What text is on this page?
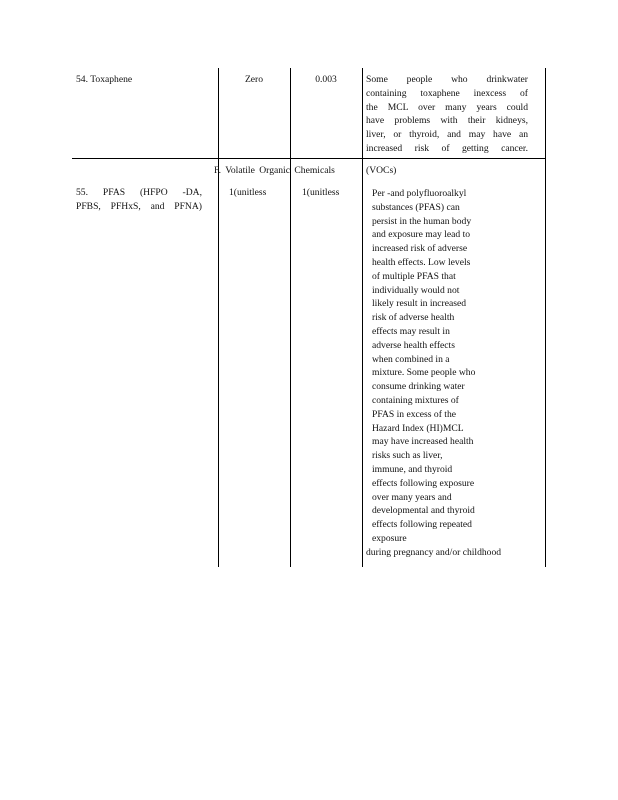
54. Toxaphene	Zero	0.003	Some people who drinkwater
containing toxaphene inexcess of
the MCL over many years could
have problems with their kidneys,
liver, or thyroid, and may have an
increased risk of getting cancer.
F. Volatile Organic Chemicals	(VOCs)
55. PFAS (HFPO -DA,
PFBS, PFHxS, and PFNA)
1(unitless	1(unitless	Per -and polyfluoroalkyl
substances (PFAS) can
persist in the human body
and exposure may lead to
increased risk of adverse
health effects. Low levels
of multiple PFAS that
individually would not
likely result in increased
risk of adverse health
effects may result in
adverse health effects
when combined in a
mixture. Some people who
consume drinking water
containing mixtures of
PFAS in excess of the
Hazard Index (HI)MCL
may have increased health
risks such as liver,
immune, and thyroid
effects following exposure
over many years and
developmental and thyroid
effects following repeated
exposure
during pregnancy and/or childhood
